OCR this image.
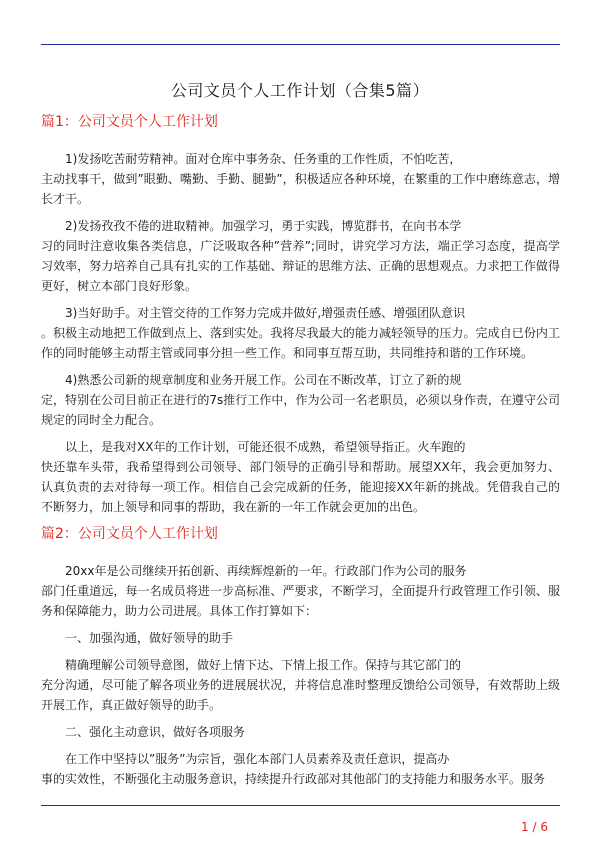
公司文员个人工作计划（合集5篇）
篇1：公司文员个人工作计划
1)发扬吃苦耐劳精神。面对仓库中事务杂、任务重的工作性质，不怕吃苦，
主动找事干，做到”眼勤、嘴勤、手勤、腿勤”，积极适应各种环境，在繁重的工作中磨练意志，增长才干。
2)发扬孜孜不倦的进取精神。加强学习，勇于实践，博览群书，在向书本学
习的同时注意收集各类信息，广泛吸取各种”营养”;同时，讲究学习方法，端正学习态度，提高学习效率，努力培养自己具有扎实的工作基础、辩证的思维方法、正确的思想观点。力求把工作做得更好，树立本部门良好形象。
3)当好助手。对主管交待的工作努力完成并做好,增强责任感、增强团队意识
。积极主动地把工作做到点上、落到实处。我将尽我最大的能力减轻领导的压力。完成自已份内工作的同时能够主动帮主管或同事分担一些工作。和同事互帮互助，共同维持和谐的工作环境。
4)熟悉公司新的规章制度和业务开展工作。公司在不断改革，订立了新的规
定，特别在公司目前正在进行的7s推行工作中，作为公司一名老职员，必须以身作责，在遵守公司规定的同时全力配合。
以上，是我对XX年的工作计划，可能还很不成熟，希望领导指正。火车跑的
快还靠车头带，我希望得到公司领导、部门领导的正确引导和帮助。展望XX年，我会更加努力、认真负责的去对待每一项工作。相信自己会完成新的任务，能迎接XX年新的挑战。凭借我自己的不断努力，加上领导和同事的帮助，我在新的一年工作就会更加的出色。
篇2：公司文员个人工作计划
20xx年是公司继续开拓创新、再续辉煌新的一年。行政部门作为公司的服务
部门任重道远，每一名成员将进一步高标准、严要求，不断学习，全面提升行政管理工作引领、服务和保障能力，助力公司进展。具体工作打算如下：
一、加强沟通，做好领导的助手
精确理解公司领导意图，做好上情下达、下情上报工作。保持与其它部门的
充分沟通，尽可能了解各项业务的进展展状况，并将信息准时整理反馈给公司领导，有效帮助上级开展工作，真正做好领导的助手。
二、强化主动意识，做好各项服务
在工作中坚持以”服务”为宗旨，强化本部门人员素养及责任意识，提高办
事的实效性，不断强化主动服务意识，持续提升行政部对其他部门的支持能力和服务水平。服务
1 / 6
